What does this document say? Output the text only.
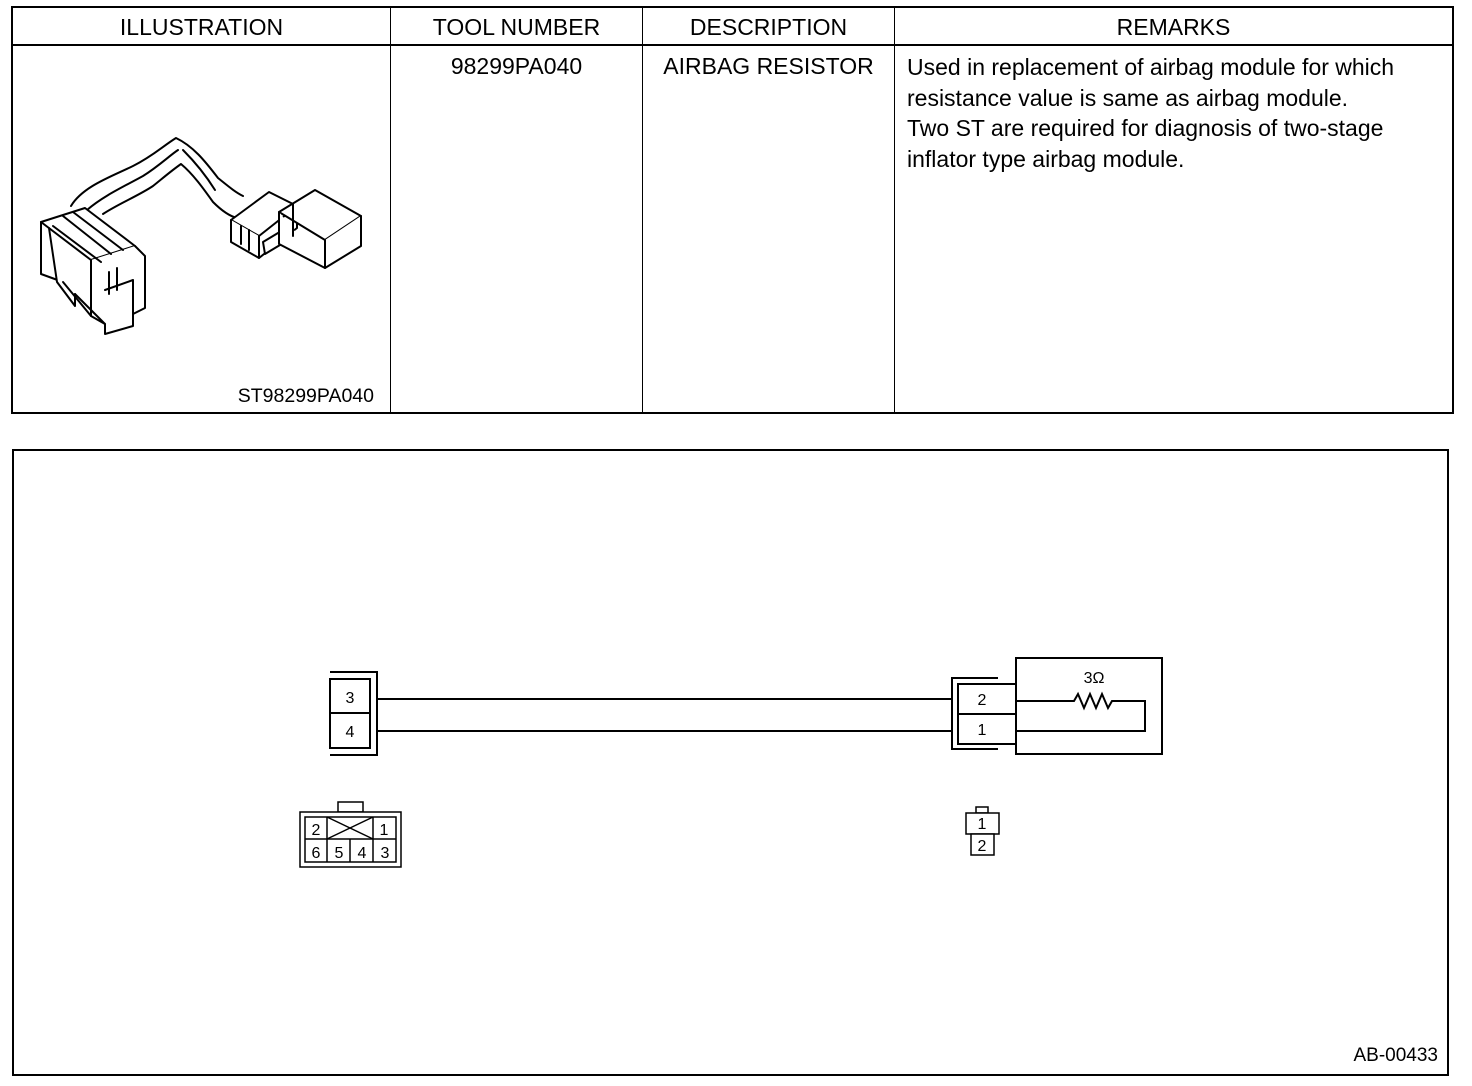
ILLUSTRATION
ST98299PA040
TOOL NUMBER
98299PA040
DESCRIPTION
AIRBAG RESISTOR
REMARKS

Used in replacement of airbag module for which resistance value is same as airbag module.

Two ST are required for diagnosis of two-stage inflator type airbag module.

3
4
2
1
3Ω
2	1
6 5 4 3
1
2
AB-00433
